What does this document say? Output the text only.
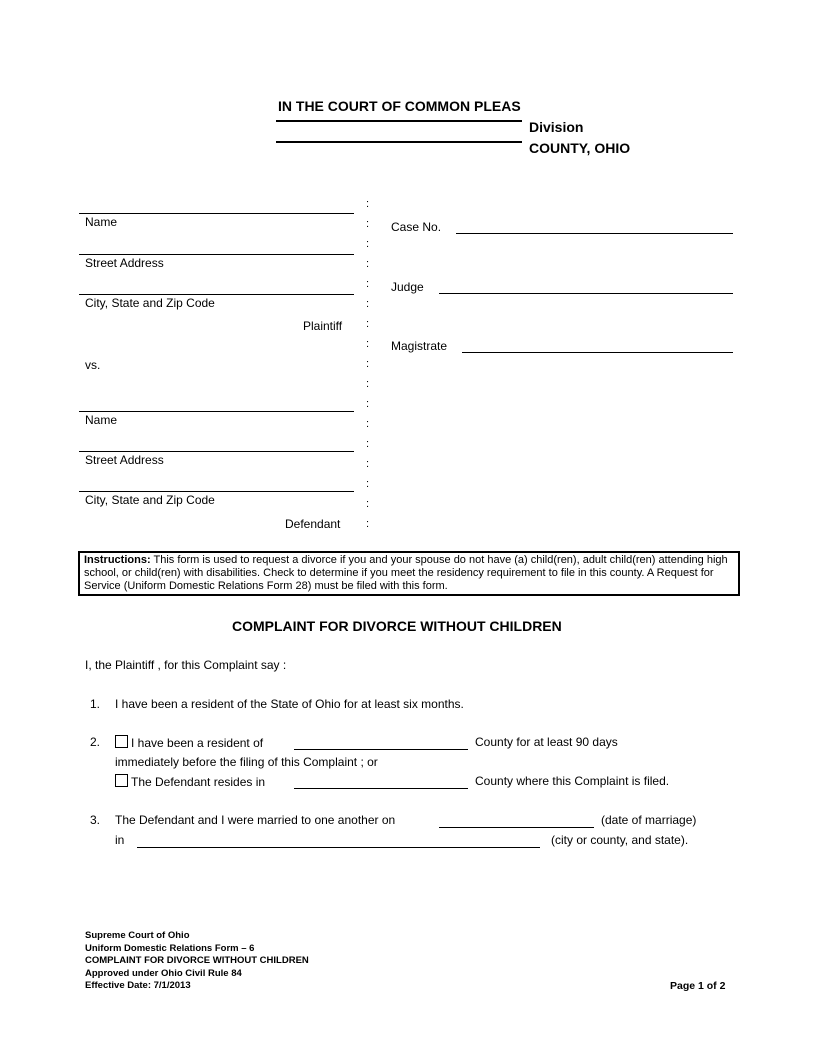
IN THE COURT OF COMMON PLEAS
Division
COUNTY, OHIO
Name
Street Address
City, State and Zip Code
Plaintiff
vs.
Name
Street Address
City, State and Zip Code
Defendant
:
:
:
:
:
:
:
:
:
:
:
:
:
:
:
:
:
Case No.
Judge
Magistrate
Instructions: This form is used to request a divorce if you and your spouse do not have (a) child(ren), adult child(ren) attending high school, or child(ren) with disabilities. Check to determine if you meet the residency requirement to file in this county. A Request for Service (Uniform Domestic Relations Form 28) must be filed with this form.
COMPLAINT FOR DIVORCE WITHOUT CHILDREN
I, the Plaintiff , for this Complaint say :
1. I have been a resident of the State of Ohio for at least six months.
2.	I have been a resident of	County for at least 90 days
immediately before the filing of this Complaint ; or
The Defendant resides in	County where this Complaint is filed.
3. The Defendant and I were married to one another on	(date of marriage)
in	(city or county, and state).
Supreme Court of Ohio
Uniform Domestic Relations Form – 6
COMPLAINT FOR DIVORCE WITHOUT CHILDREN
Approved under Ohio Civil Rule 84
Effective Date: 7/1/2013	Page 1 of 2
